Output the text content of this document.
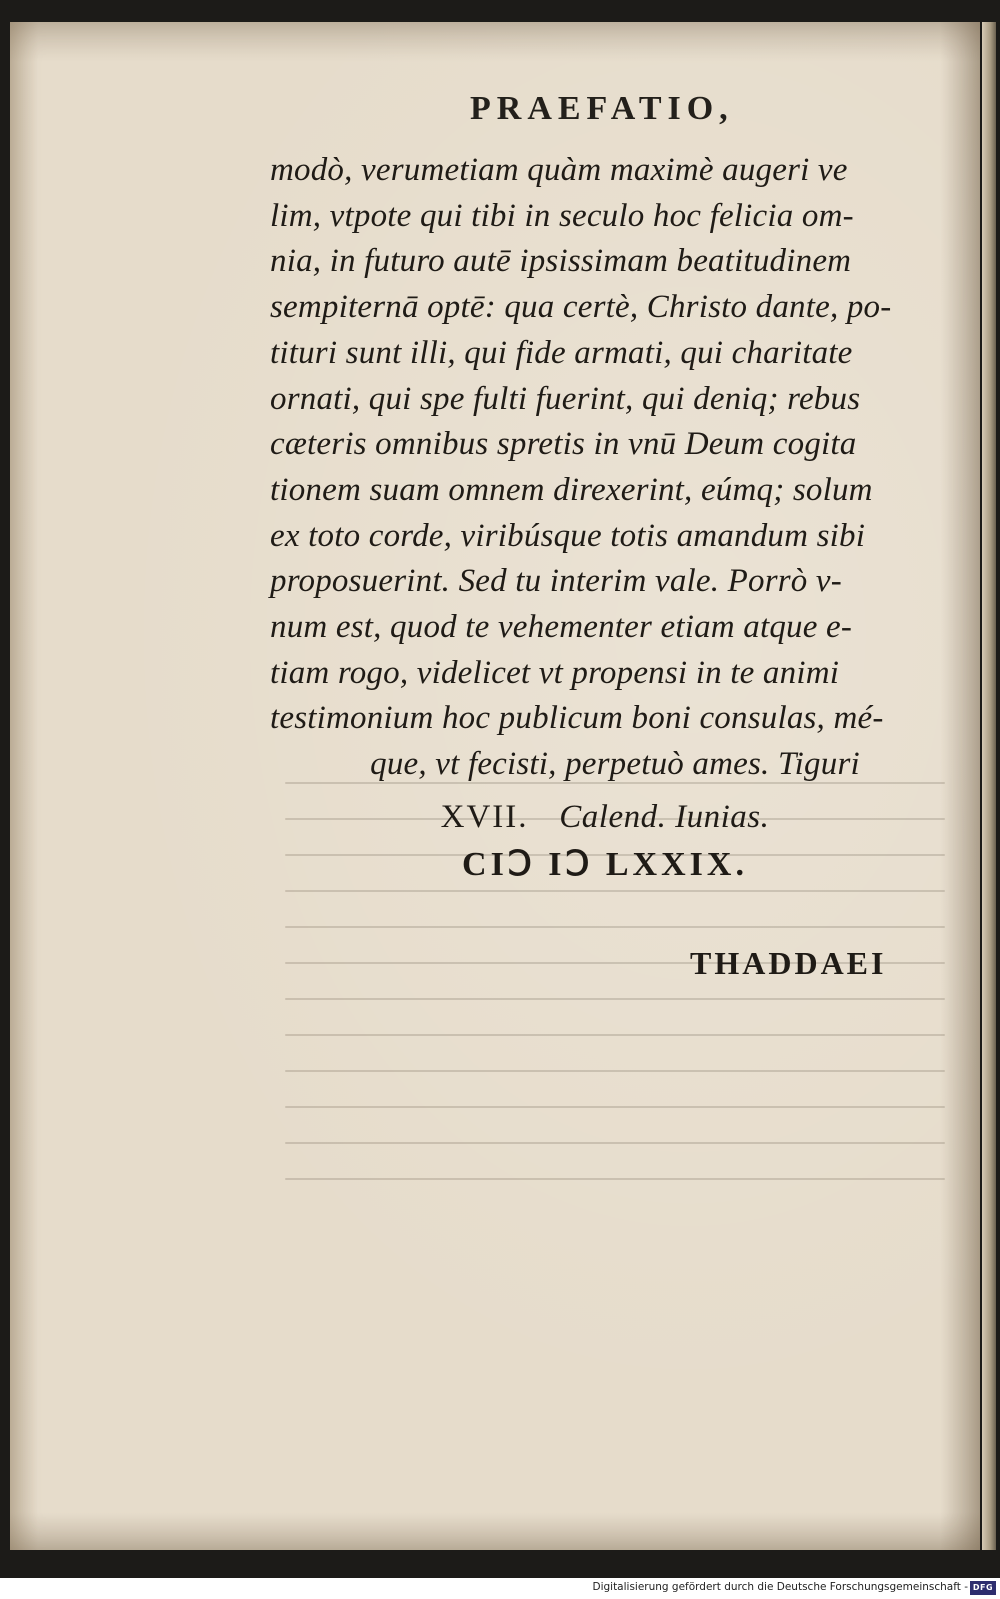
PRAEFATIO,
modò, verumetiam quàm maximè augeri ve
lim, vtpote qui tibi in seculo hoc felicia om-
nia, in futuro autē ipsissimam beatitudinem
sempiternā optē: qua certè, Christo dante, po-
tituri sunt illi, qui fide armati, qui charitate
ornati, qui spe fulti fuerint, qui deniq; rebus
cæteris omnibus spretis in vnū Deum cogita
tionem suam omnem direxerint, eúmq; solum
ex toto corde, viribúsque totis amandum sibi
proposuerint. Sed tu interim vale. Porrò v-
num est, quod te vehementer etiam atque e-
tiam rogo, videlicet vt propensi in te animi
testimonium hoc publicum boni consulas, mé-
que, vt fecisti, perpetuò ames. Tiguri
XVII. Calend. Iunias.
CIↃ IↃ LXXIX.
THADDAEI
Digitalisierung gefördert durch die Deutsche Forschungsgemeinschaft - DFG
